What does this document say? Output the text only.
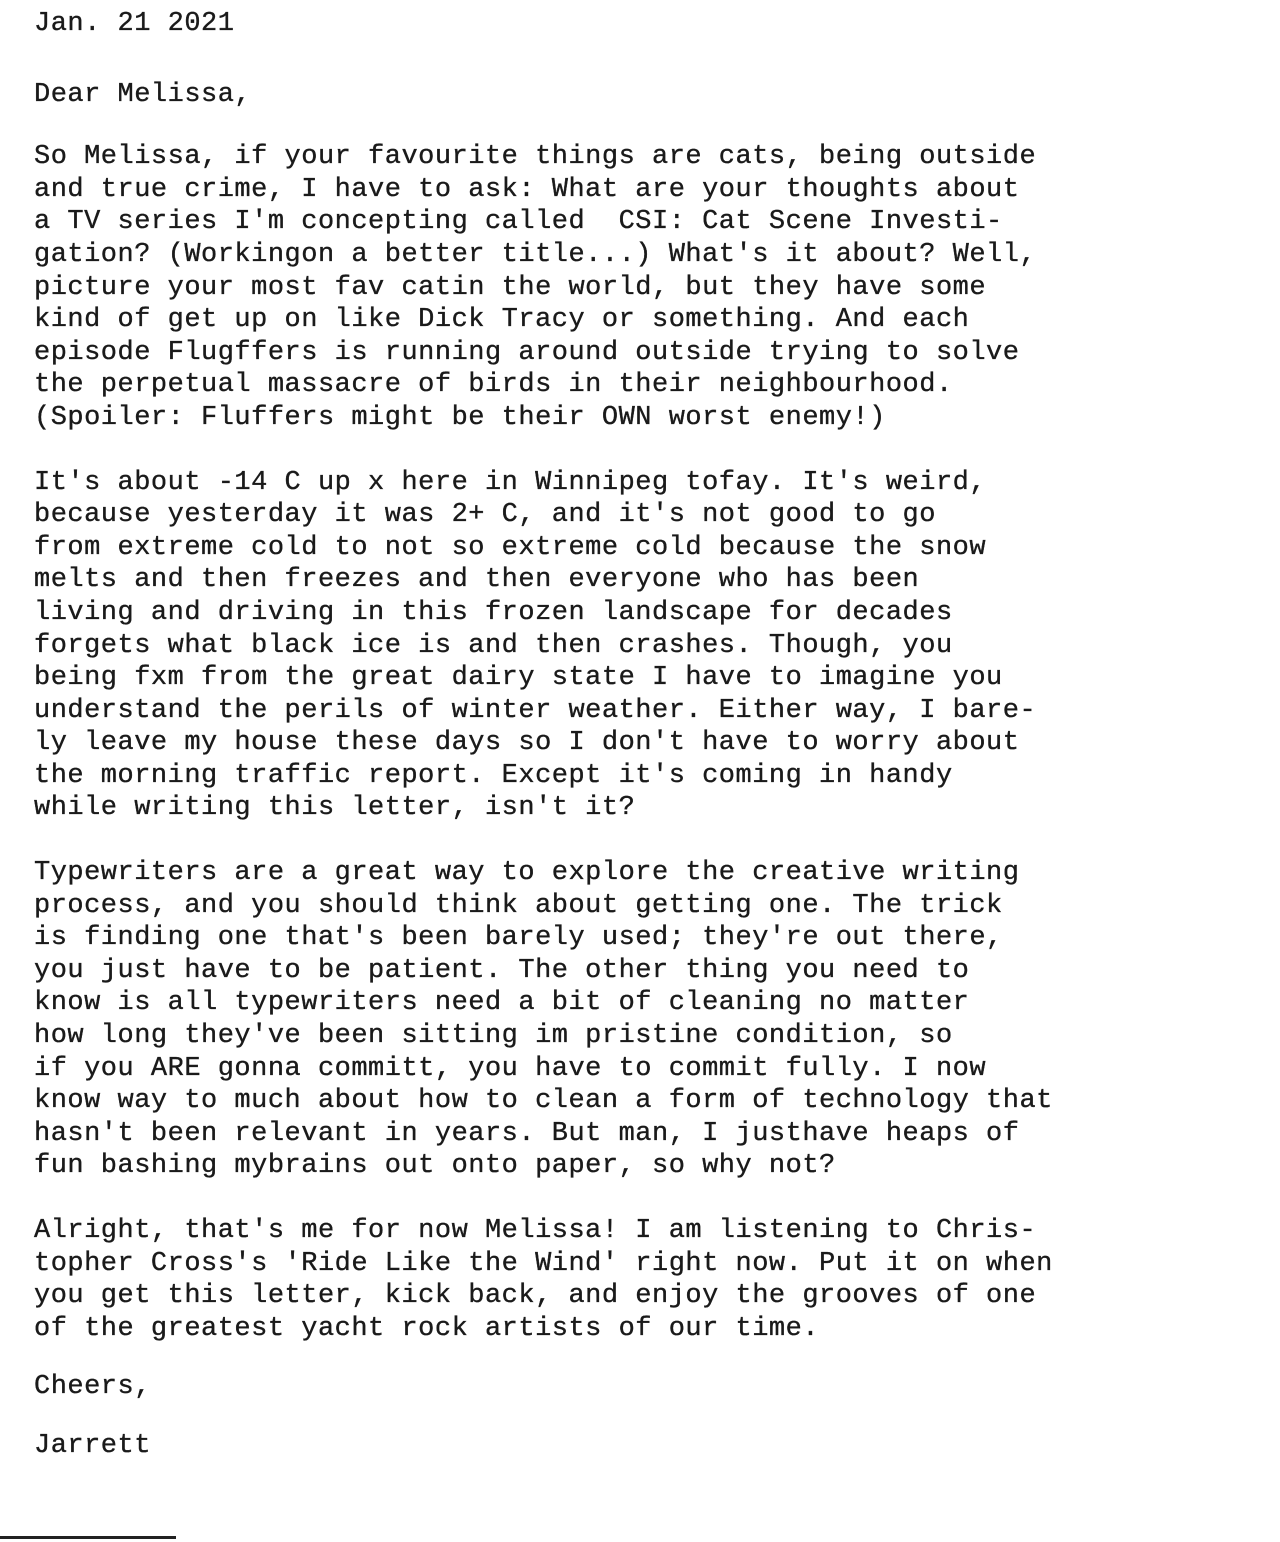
Jan. 21 2021
Dear Melissa,
So Melissa, if your favourite things are cats, being outside
and true crime, I have to ask: What are your thoughts about
a TV series I'm concepting called  CSI: Cat Scene Investi-
gation? (Workingon a better title...) What's it about? Well,
picture your most fav catin the world, but they have some
kind of get up on like Dick Tracy or something. And each
episode Flugffers is running around outside trying to solve
the perpetual massacre of birds in their neighbourhood.
(Spoiler: Fluffers might be their OWN worst enemy!)
It's about -14 C up x here in Winnipeg tofay. It's weird,
because yesterday it was 2+ C, and it's not good to go
from extreme cold to not so extreme cold because the snow
melts and then freezes and then everyone who has been
living and driving in this frozen landscape for decades
forgets what black ice is and then crashes. Though, you
being fxm from the great dairy state I have to imagine you
understand the perils of winter weather. Either way, I bare-
ly leave my house these days so I don't have to worry about
the morning traffic report. Except it's coming in handy
while writing this letter, isn't it?
Typewriters are a great way to explore the creative writing
process, and you should think about getting one. The trick
is finding one that's been barely used; they're out there,
you just have to be patient. The other thing you need to
know is all typewriters need a bit of cleaning no matter
how long they've been sitting im pristine condition, so
if you ARE gonna committ, you have to commit fully. I now
know way to much about how to clean a form of technology that
hasn't been relevant in years. But man, I justhave heaps of
fun bashing mybrains out onto paper, so why not?
Alright, that's me for now Melissa! I am listening to Chris-
topher Cross's 'Ride Like the Wind' right now. Put it on when
you get this letter, kick back, and enjoy the grooves of one
of the greatest yacht rock artists of our time.
Cheers,
Jarrett
